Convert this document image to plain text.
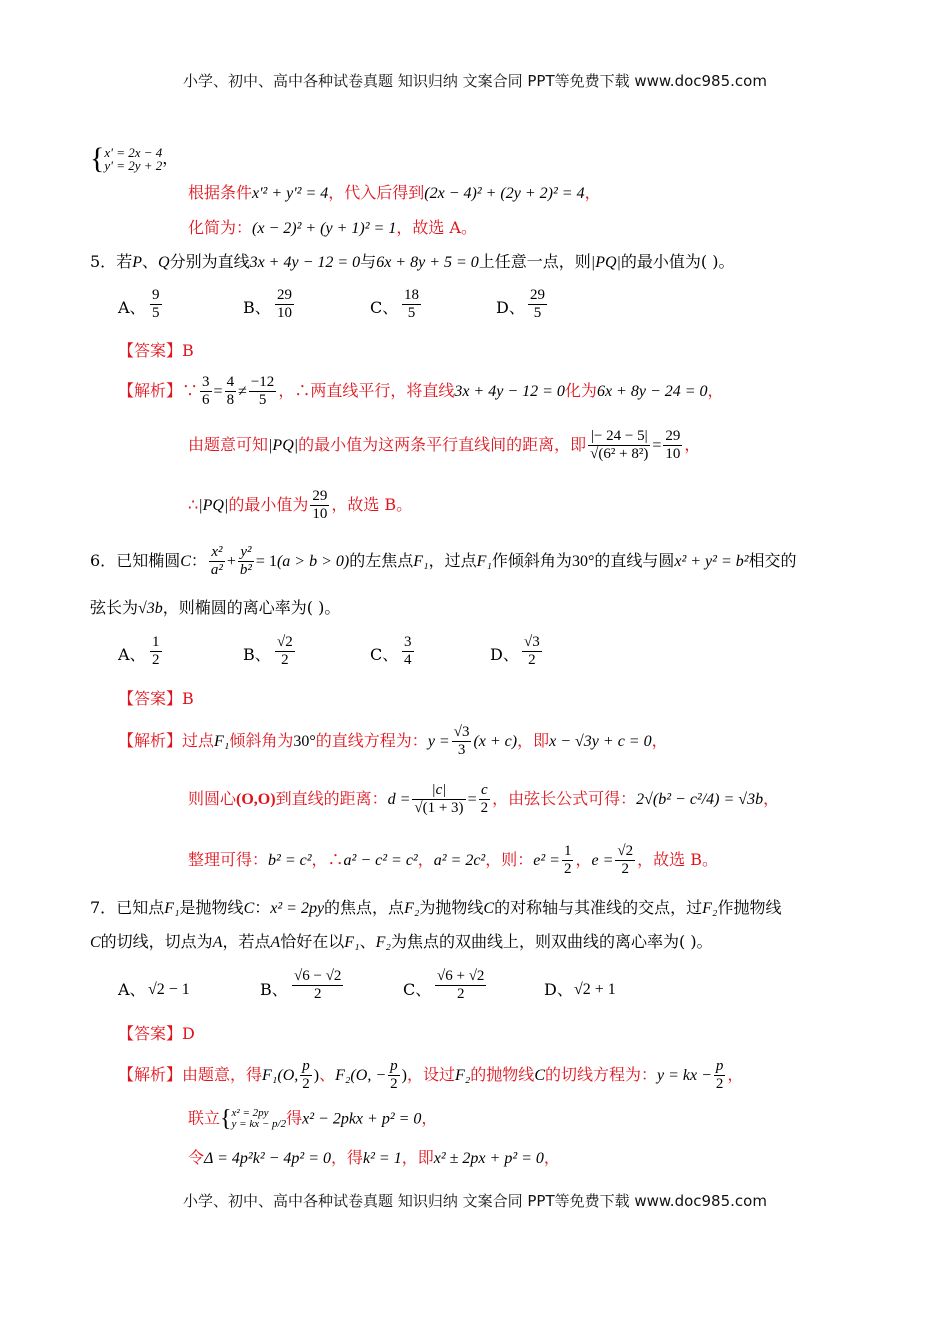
小学、初中、高中各种试卷真题 知识归纳 文案合同 PPT等免费下载 www.doc985.com
{ x' = 2x − 4
y' = 2y + 2 ，
根据条件x'² + y'² = 4，代入后得到(2x − 4)² + (2y + 2)² = 4，
化简为：(x − 2)² + (y + 1)² = 1，故选 A。
5．若P、Q分别为直线3x + 4y − 12 = 0与6x + 8y + 5 = 0上任意一点，则|PQ|的最小值为( )。
A、 $\frac{9}{5}$	B、 $\frac{29}{10}$	C、 $\frac{18}{5}$	D、 $\frac{29}{5}$
【答案】B
【解析】∵ $\frac{3}{6} = \frac{4}{8} \ne \frac{-12}{5}$ ，∴两直线平行，将直线3x + 4y − 12 = 0化为6x + 8y − 24 = 0，
由题意可知|PQ|的最小值为这两条平行直线间的距离，即 $\frac{|- 24 - 5|}{\text{√(6² + 8²)}} = \frac{29}{10}$ ，
∴|PQ|的最小值为 $\frac{29}{10}$ ，故选 B。
6．已知椭圆C： $\frac{\text{x²}}{\text{a²}} + \frac{\text{y²}}{\text{b²}} = 1(a > b > 0)$的左焦点F₁，过点F₁作倾斜角为30°的直线与圆x² + y² = b²相交的
弦长为√3b，则椭圆的离心率为( )。
A、 $\frac{1}{2}$	B、 $\frac{√2}{2}$	C、 $\frac{3}{4}$	D、 $\frac{√3}{2}$
【答案】B
【解析】过点F₁倾斜角为30°的直线方程为：$y = \frac{√3}{3} (x + c)$，即x − √3y + c = 0，
则圆心(O,O)到直线的距离：$d = \frac{|c|}{√(1 + 3)} = \frac{c}{2}$ ，由弦长公式可得：2√(b² − c²/4) = √3b，
整理可得：b² = c²，∴a² − c² = c²，a² = 2c²，则：$e^2 = \frac{1}{2}$ ，$e = \frac{√2}{2}$ ，故选 B。
7．已知点F₁是抛物线C：x² = 2py的焦点，点F₂为抛物线C的对称轴与其准线的交点，过F₂作抛物线
C的切线，切点为A，若点A恰好在以F₁、F₂为焦点的双曲线上，则双曲线的离心率为( )。
A、 √2 − 1	B、 $\frac{√6 - √2}{2}$	C、 $\frac{√6 + √2}{2}$	D、 √2 + 1
【答案】D
【解析】由题意，得F₁(O, $\frac{p}{2}$ )、F₂(O, − $\frac{p}{2}$ )，设过F₂的抛物线C的切线方程为：y = kx − $\frac{p}{2}$ ，
联立{ x² = 2py
y = kx − p/2 得x² − 2pkx + p² = 0，
令Δ = 4p²k² − 4p² = 0，得k² = 1，即x² ± 2px + p² = 0，
小学、初中、高中各种试卷真题 知识归纳 文案合同 PPT等免费下载 www.doc985.com
